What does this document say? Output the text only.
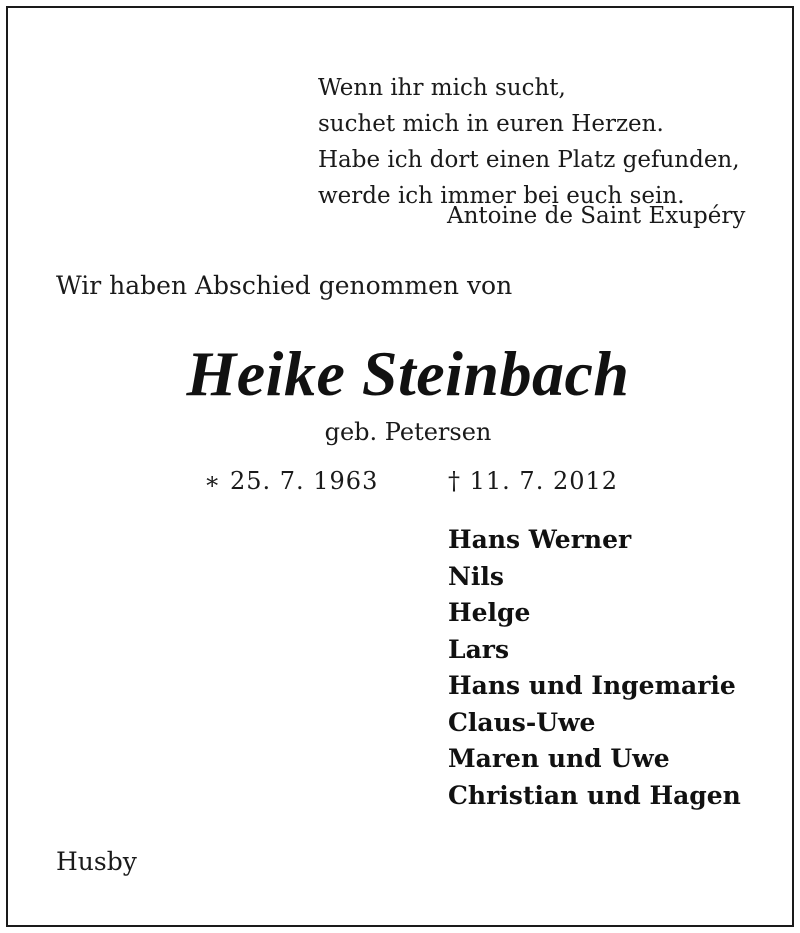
Wenn ihr mich sucht,
suchet mich in euren Herzen.
Habe ich dort einen Platz gefunden,
werde ich immer bei euch sein.
Antoine de Saint Exupéry
Wir haben Abschied genommen von
Heike Steinbach
geb. Petersen
∗ 25. 7. 1963	† 11. 7. 2012
Hans Werner
Nils
Helge
Lars
Hans und Ingemarie
Claus-Uwe
Maren und Uwe
Christian und Hagen
Husby
